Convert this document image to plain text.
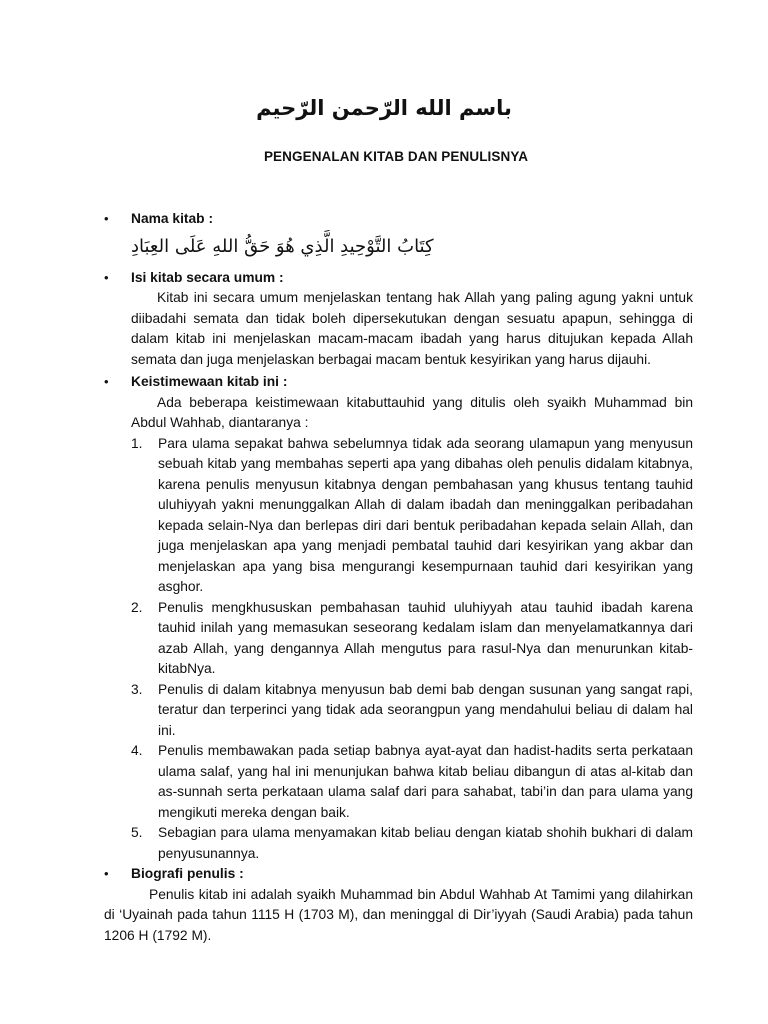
باسم الله الرّحمن الرّحيم
PENGENALAN KITAB DAN PENULISNYA
• Nama kitab :
كِتَابُ التَّوْحِيدِ الَّذِي هُوَ حَقُّ اللهِ عَلَى العِبَادِ
• Isi kitab secara umum :

Kitab ini secara umum menjelaskan tentang hak Allah yang paling agung yakni untuk diibadahi semata dan tidak boleh dipersekutukan dengan sesuatu apapun, sehingga di dalam kitab ini menjelaskan macam-macam ibadah yang harus ditujukan kepada Allah semata dan juga menjelaskan berbagai macam bentuk kesyirikan yang harus dijauhi.

• Keistimewaan kitab ini :

Ada beberapa keistimewaan kitabuttauhid yang ditulis oleh syaikh Muhammad bin Abdul Wahhab, diantaranya :

1. Para ulama sepakat bahwa sebelumnya tidak ada seorang ulamapun yang menyusun sebuah kitab yang membahas seperti apa yang dibahas oleh penulis didalam kitabnya, karena penulis menyusun kitabnya dengan pembahasan yang khusus tentang tauhid uluhiyyah yakni menunggalkan Allah di dalam ibadah dan meninggalkan peribadahan kepada selain-Nya dan berlepas diri dari bentuk peribadahan kepada selain Allah, dan juga menjelaskan apa yang menjadi pembatal tauhid dari kesyirikan yang akbar dan menjelaskan apa yang bisa mengurangi kesempurnaan tauhid dari kesyirikan yang asghor.
2. Penulis mengkhususkan pembahasan tauhid uluhiyyah atau tauhid ibadah karena tauhid inilah yang memasukan seseorang kedalam islam dan menyelamatkannya dari azab Allah, yang dengannya Allah mengutus para rasul-Nya dan menurunkan kitab-kitabNya.
3. Penulis di dalam kitabnya menyusun bab demi bab dengan susunan yang sangat rapi, teratur dan terperinci yang tidak ada seorangpun yang mendahului beliau di dalam hal ini.
4. Penulis membawakan pada setiap babnya ayat-ayat dan hadist-hadits serta perkataan ulama salaf, yang hal ini menunjukan bahwa kitab beliau dibangun di atas al-kitab dan as-sunnah serta perkataan ulama salaf dari para sahabat, tabi’in dan para ulama yang mengikuti mereka dengan baik.
5. Sebagian para ulama menyamakan kitab beliau dengan kiatab shohih bukhari di dalam penyusunannya.
• Biografi penulis :

Penulis kitab ini adalah syaikh Muhammad bin Abdul Wahhab At Tamimi yang dilahirkan di ‘Uyainah pada tahun 1115 H (1703 M), dan meninggal di Dir’iyyah (Saudi Arabia) pada tahun 1206 H (1792 M).
